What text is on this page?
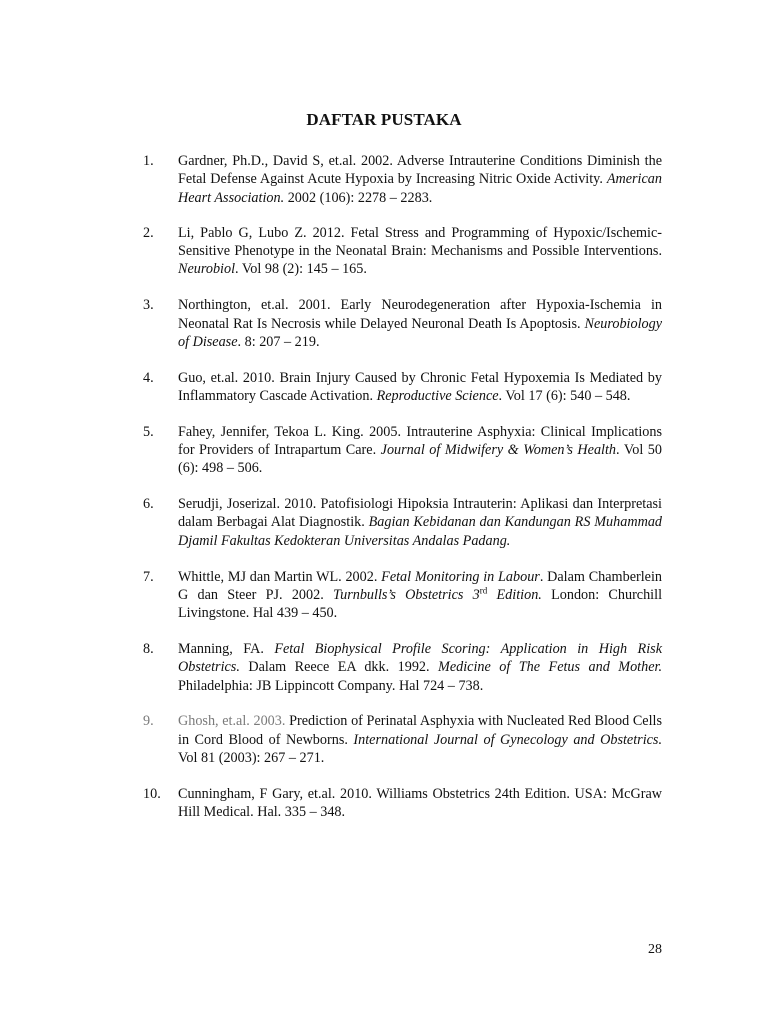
DAFTAR PUSTAKA
1. Gardner, Ph.D., David S, et.al. 2002. Adverse Intrauterine Conditions Diminish the Fetal Defense Against Acute Hypoxia by Increasing Nitric Oxide Activity. American Heart Association. 2002 (106): 2278 – 2283.
2. Li, Pablo G, Lubo Z. 2012. Fetal Stress and Programming of Hypoxic/Ischemic-Sensitive Phenotype in the Neonatal Brain: Mechanisms and Possible Interventions. Neurobiol. Vol 98 (2): 145 – 165.
3. Northington, et.al. 2001. Early Neurodegeneration after Hypoxia-Ischemia in Neonatal Rat Is Necrosis while Delayed Neuronal Death Is Apoptosis. Neurobiology of Disease. 8: 207 – 219.
4. Guo, et.al. 2010. Brain Injury Caused by Chronic Fetal Hypoxemia Is Mediated by Inflammatory Cascade Activation. Reproductive Science. Vol 17 (6): 540 – 548.
5. Fahey, Jennifer, Tekoa L. King. 2005. Intrauterine Asphyxia: Clinical Implications for Providers of Intrapartum Care. Journal of Midwifery & Women’s Health. Vol 50 (6): 498 – 506.
6. Serudji, Joserizal. 2010. Patofisiologi Hipoksia Intrauterin: Aplikasi dan Interpretasi dalam Berbagai Alat Diagnostik. Bagian Kebidanan dan Kandungan RS Muhammad Djamil Fakultas Kedokteran Universitas Andalas Padang.
7. Whittle, MJ dan Martin WL. 2002. Fetal Monitoring in Labour. Dalam Chamberlein G dan Steer PJ. 2002. Turnbulls’s Obstetrics 3rd Edition. London: Churchill Livingstone. Hal 439 – 450.
8. Manning, FA. Fetal Biophysical Profile Scoring: Application in High Risk Obstetrics. Dalam Reece EA dkk. 1992. Medicine of The Fetus and Mother. Philadelphia: JB Lippincott Company. Hal 724 – 738.
9. Ghosh, et.al. 2003. Prediction of Perinatal Asphyxia with Nucleated Red Blood Cells in Cord Blood of Newborns. International Journal of Gynecology and Obstetrics. Vol 81 (2003): 267 – 271.
10. Cunningham, F Gary, et.al. 2010. Williams Obstetrics 24th Edition. USA: McGraw Hill Medical. Hal. 335 – 348.
28
